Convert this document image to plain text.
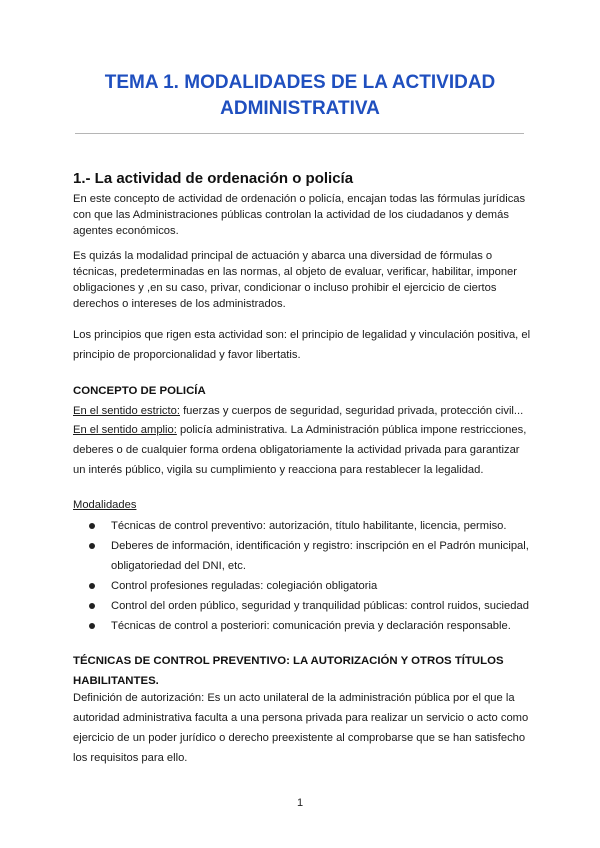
TEMA 1. MODALIDADES DE LA ACTIVIDAD ADMINISTRATIVA
1.- La actividad de ordenación o policía

En este concepto de actividad de ordenación o policía, encajan todas las fórmulas jurídicas con que las Administraciones públicas controlan la actividad de los ciudadanos y demás agentes económicos.

Es quizás la modalidad principal de actuación y abarca una diversidad de fórmulas o técnicas, predeterminadas en las normas, al objeto de evaluar, verificar, habilitar, imponer obligaciones y ,en su caso, privar, condicionar o incluso prohibir el ejercicio de ciertos derechos o intereses de los administrados.

Los principios que rigen esta actividad son: el principio de legalidad y vinculación positiva, el principio de proporcionalidad y favor libertatis.

CONCEPTO DE POLICÍA

En el sentido estricto: fuerzas y cuerpos de seguridad, seguridad privada, protección civil...

En el sentido amplio: policía administrativa. La Administración pública impone restricciones, deberes o de cualquier forma ordena obligatoriamente la actividad privada para garantizar un interés público, vigila su cumplimiento y reacciona para restablecer la legalidad.

Modalidades

Técnicas de control preventivo: autorización, título habilitante, licencia, permiso.
Deberes de información, identificación y registro: inscripción en el Padrón municipal, obligatoriedad del DNI, etc.
Control profesiones reguladas: colegiación obligatoria
Control del orden público, seguridad y tranquilidad públicas: control ruidos, suciedad
Técnicas de control a posteriori: comunicación previa y declaración responsable.
TÉCNICAS DE CONTROL PREVENTIVO: LA AUTORIZACIÓN Y OTROS TÍTULOS HABILITANTES.

Definición de autorización: Es un acto unilateral de la administración pública por el que la autoridad administrativa faculta a una persona privada para realizar un servicio o acto como ejercicio de un poder jurídico o derecho preexistente al comprobarse que se han satisfecho los requisitos para ello.

1
